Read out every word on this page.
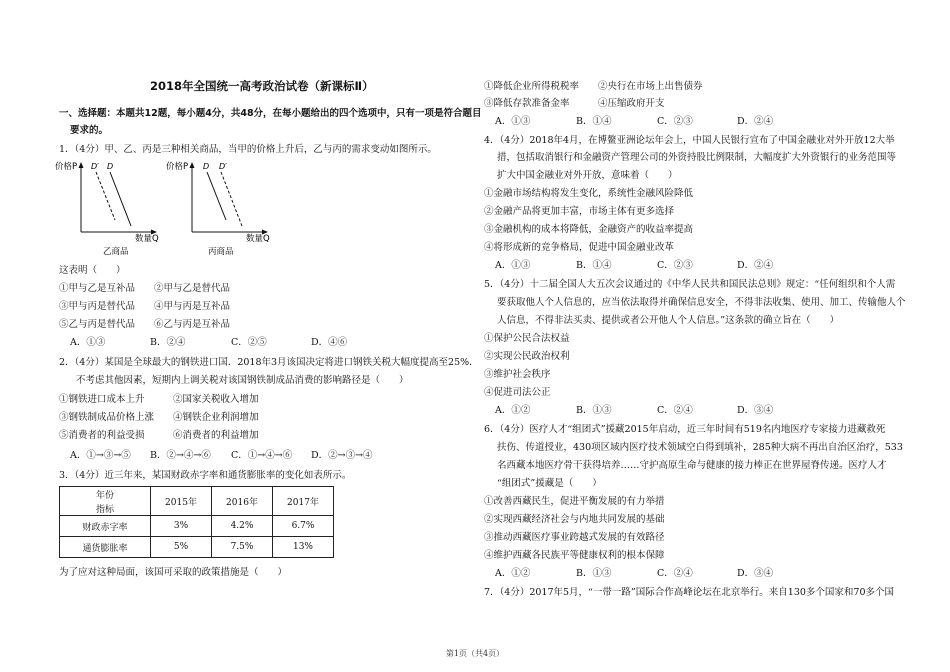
2018年全国统一高考政治试卷（新课标Ⅱ）
一、选择题：本题共12题，每小题4分，共48分，在每小题给出的四个选项中，只有一项是符合题目
要求的。
1．（4分）甲、乙、丙是三种相关商品，当甲的价格上升后，乙与丙的需求变动如图所示。
价格P
数量Q
D′ D
乙商品
价格P
数量Q
D D′
丙商品
这表明（　　）
①甲与乙是互补品　　②甲与乙是替代品
③甲与丙是替代品　　④甲与丙是互补品
⑤乙与丙是替代品　　⑥乙与丙是互补品
A．①③	B．②④	C．②⑤	D．④⑥
2．（4分）某国是全球最大的钢铁进口国．2018年3月该国决定将进口钢铁关税大幅度提高至25%．
不考虑其他因素，短期内上调关税对该国钢铁制成品消费的影响路径是（　　）
①钢铁进口成本上升　　　②国家关税收入增加
③钢铁制成品价格上涨　　④钢铁企业利润增加
⑤消费者的利益受损　　　⑥消费者的利益增加
A．①→③→⑤ B．②→④→⑥ C．①→④→⑥ D．②→③→④
3．（4分）近三年来，某国财政赤字率和通货膨胀率的变化如表所示。
年份	2015年	2016年	2017年
指标			
财政赤字率	3%	4.2%	6.7%
通货膨胀率	5%	7.5%	13%
为了应对这种局面，该国可采取的政策措施是（　　）
①降低企业所得税税率　　②央行在市场上出售债券
③降低存款准备金率　　　④压缩政府开支
A．①③	B．①④	C．②③	D．②④
4．（4分）2018年4月，在博鳌亚洲论坛年会上，中国人民银行宣布了中国金融业对外开放12大举
措，包括取消银行和金融资产管理公司的外资持股比例限制，大幅度扩大外资银行的业务范围等
扩大中国金融业对外开放，意味着（　　）
①金融市场结构将发生变化，系统性金融风险降低
②金融产品将更加丰富，市场主体有更多选择
③金融机构的成本将降低，金融资产的收益率提高
④将形成新的竞争格局，促进中国金融业改革
A．①③	B．①④	C．②③	D．②④
5．（4分）十二届全国人大五次会议通过的《中华人民共和国民法总则》规定：“任何组织和个人需
要获取他人个人信息的，应当依法取得并确保信息安全，不得非法收集、使用、加工、传输他人个
人信息，不得非法买卖、提供或者公开他人个人信息。”这条款的确立旨在（　　）
①保护公民合法权益
②实现公民政治权利
③维护社会秩序
④促进司法公正
A．①②	B．①③	C．②④	D．③④
6．（4分）医疗人才“组团式”援藏2015年启动，近三年时间有519名内地医疗专家接力进藏救死
扶伤、传道授业，430项区域内医疗技术领域空白得到填补，285种大病不再出自治区治疗，533
名西藏本地医疗骨干获得培养……守护高原生命与健康的接力棒正在世界屋脊传递。医疗人才
“组团式”援藏是（　　）
①改善西藏民生，促进平衡发展的有力举措
②实现西藏经济社会与内地共同发展的基础
③推动西藏医疗事业跨越式发展的有效路径
④维护西藏各民族平等健康权利的根本保障
A．①②	B．①③	C．②④	D．③④
7．（4分）2017年5月，“一带一路”国际合作高峰论坛在北京举行。来自130多个国家和70多个国
第1页（共4页）
